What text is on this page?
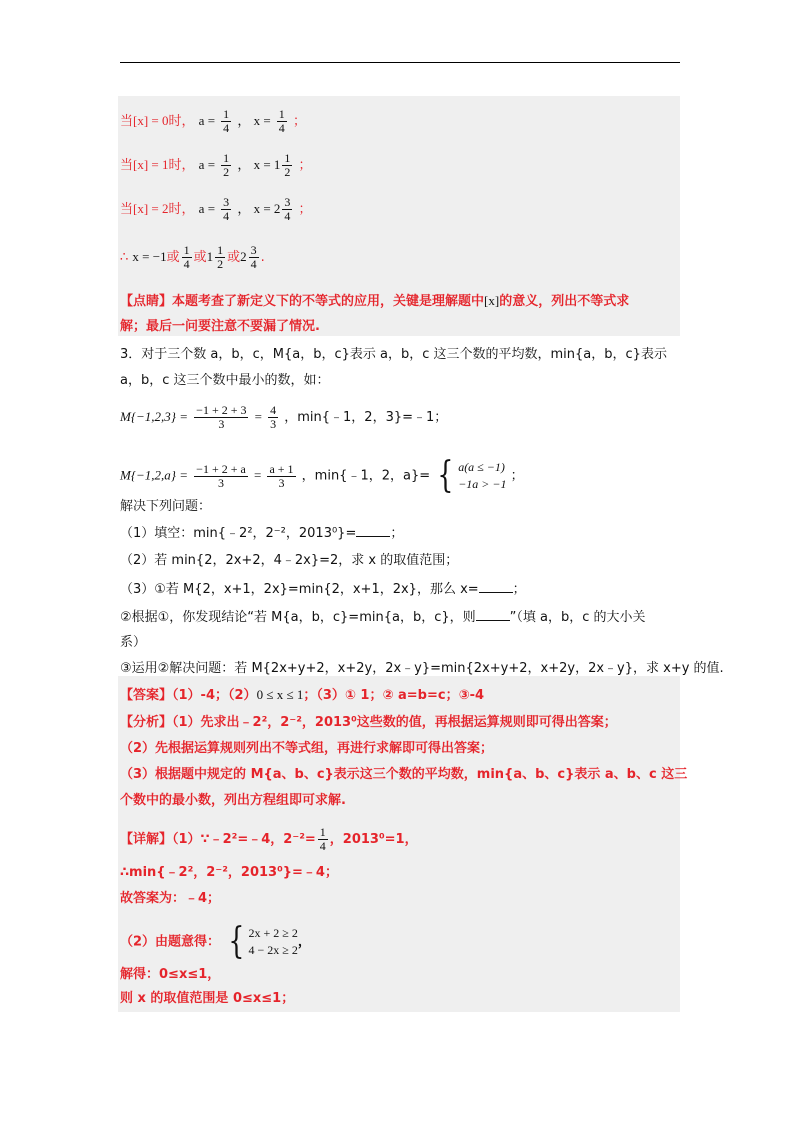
当[x] = 0时， $a = \frac{1}{4}$ ， $x = \frac{1}{4}$ ；
当[x] = 1时， $a = \frac{1}{2}$ ， $x = 1 \frac{1}{2}$ ；
当[x] = 2时， $a = \frac{3}{4}$ ， $x = 2 \frac{3}{4}$ ；
∴ x = −1或 $\frac{1}{4}$ 或$1 \frac{1}{2}$ 或$2 \frac{3}{4}$ .
【点睛】本题考查了新定义下的不等式的应用，关键是理解题中[x]的意义，列出不等式求
解；最后一问要注意不要漏了情况.
3．对于三个数 a，b，c，M{a，b，c}表示 a，b，c 这三个数的平均数，min{a，b，c}表示
a，b，c 这三个数中最小的数，如：
$M\{-1,2,3\} = \frac{-1 + 2 + 3}{3} = \frac{4}{3}$ ，min{﹣1，2，3}=﹣1；
$M\{-1,2,a\} = \frac{-1 + 2 + a}{3} = \frac{a + 1}{3}$ ，min{﹣1，2，a}= { a(a ≤ −1)
−1a > −1
；
解决下列问题：
（1）填空：min{﹣2²，2⁻²，2013⁰}=	；
（2）若 min{2，2x+2，4﹣2x}=2，求 x 的取值范围；
（3）①若 M{2，x+1，2x}=min{2，x+1，2x}，那么 x=	；
②根据①，你发现结论“若 M{a，b，c}=min{a，b，c}，则	”（填 a，b，c 的大小关
系）
③运用②解决问题：若 M{2x+y+2，x+2y，2x﹣y}=min{2x+y+2，x+2y，2x﹣y}，求 x+y 的值.
【答案】（1）-4；（2）0 ≤ x ≤ 1；（3）① 1；② a=b=c；③-4
【分析】（1）先求出﹣2²，2⁻²，2013⁰这些数的值，再根据运算规则即可得出答案；
（2）先根据运算规则列出不等式组，再进行求解即可得出答案；
（3）根据题中规定的 M{a、b、c}表示这三个数的平均数，min{a、b、c}表示 a、b、c 这三
个数中的最小数，列出方程组即可求解.
【详解】（1）∵﹣2²=﹣4，$2^{-2}= \frac{1}{4}$ ，2013⁰=1，
∴min{﹣2²，2⁻²，2013⁰}=﹣4；
故答案为：﹣4；
（2）由题意得： { 2x + 2 ≥ 2
4 − 2x ≥ 2
，
解得：0≤x≤1，
则 x 的取值范围是 0≤x≤1；
